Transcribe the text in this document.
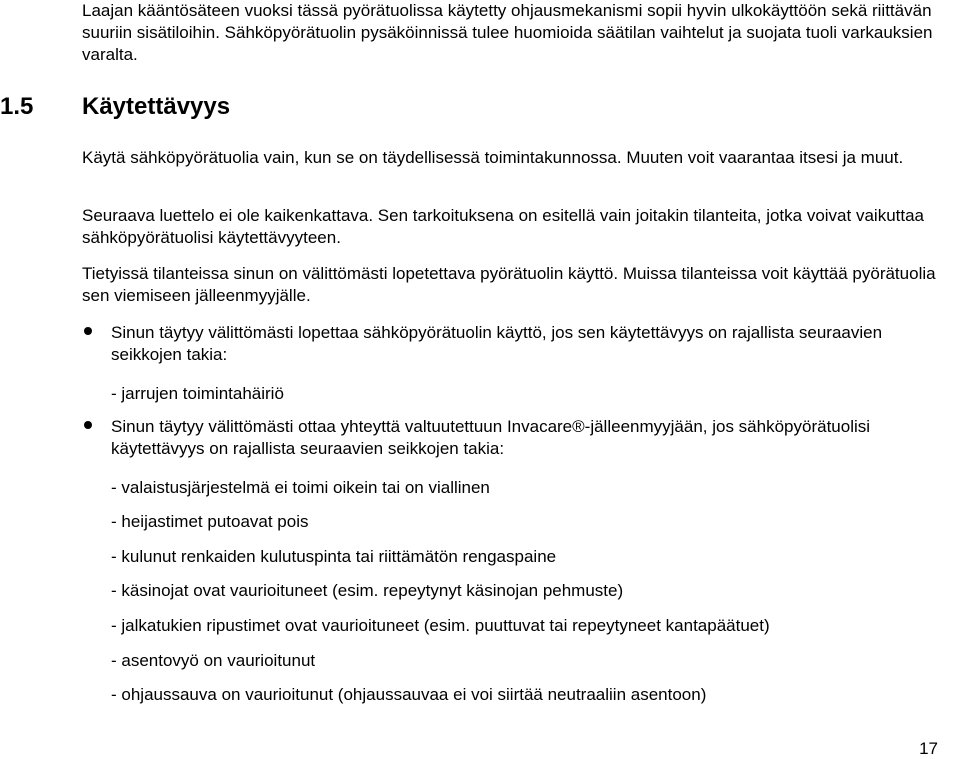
Laajan kääntösäteen vuoksi tässä pyörätuolissa käytetty ohjausmekanismi sopii hyvin ulkokäyttöön sekä riittävän suuriin sisätiloihin. Sähköpyörätuolin pysäköinnissä tulee huomioida säätilan vaihtelut ja suojata tuoli varkauksien varalta.

1.5 Käytettävyys

Käytä sähköpyörätuolia vain, kun se on täydellisessä toimintakunnossa. Muuten voit vaarantaa itsesi ja muut.

Seuraava luettelo ei ole kaikenkattava. Sen tarkoituksena on esitellä vain joitakin tilanteita, jotka voivat vaikuttaa sähköpyörätuolisi käytettävyyteen.

Tietyissä tilanteissa sinun on välittömästi lopetettava pyörätuolin käyttö. Muissa tilanteissa voit käyttää pyörätuolia sen viemiseen jälleenmyyjälle.

Sinun täytyy välittömästi lopettaa sähköpyörätuolin käyttö, jos sen käytettävyys on rajallista seuraavien seikkojen takia:

- jarrujen toimintahäiriö

Sinun täytyy välittömästi ottaa yhteyttä valtuutettuun Invacare®-jälleenmyyjään, jos sähköpyörätuolisi käytettävyys on rajallista seuraavien seikkojen takia:

- valaistusjärjestelmä ei toimi oikein tai on viallinen

- heijastimet putoavat pois

- kulunut renkaiden kulutuspinta tai riittämätön rengaspaine

- käsinojat ovat vaurioituneet (esim. repeytynyt käsinojan pehmuste)

- jalkatukien ripustimet ovat vaurioituneet (esim. puuttuvat tai repeytyneet kantapäätuet)

- asentovyö on vaurioitunut

- ohjaussauva on vaurioitunut (ohjaussauvaa ei voi siirtää neutraaliin asentoon)

17
